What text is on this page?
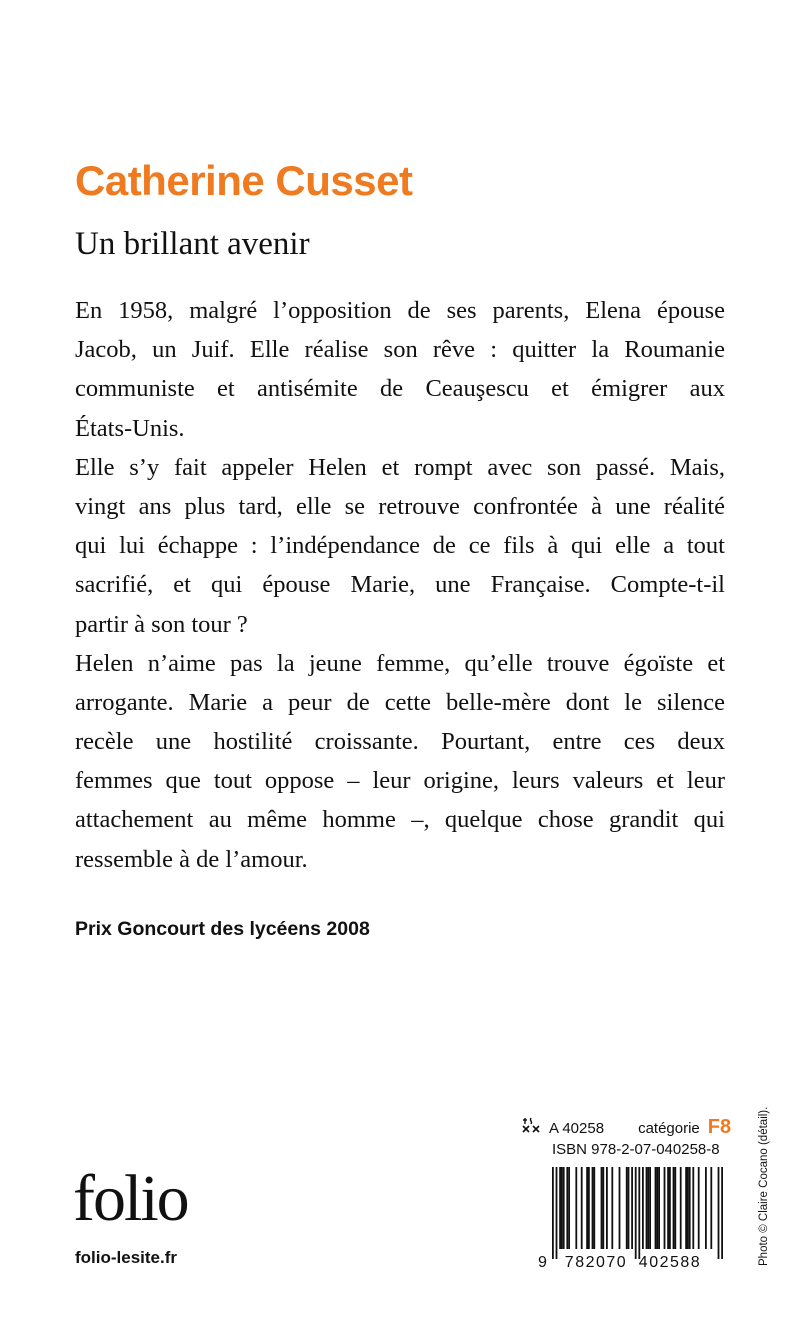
Catherine Cusset
Un brillant avenir
En 1958, malgré l’opposition de ses parents, Elena épouse
Jacob, un Juif. Elle réalise son rêve : quitter la Roumanie
communiste et antisémite de Ceauşescu et émigrer aux
États-Unis.
Elle s’y fait appeler Helen et rompt avec son passé. Mais,
vingt ans plus tard, elle se retrouve confrontée à une réalité
qui lui échappe : l’indépendance de ce fils à qui elle a tout
sacrifié, et qui épouse Marie, une Française. Compte-t-il
partir à son tour ?
Helen n’aime pas la jeune femme, qu’elle trouve égoïste et
arrogante. Marie a peur de cette belle-mère dont le silence
recèle une hostilité croissante. Pourtant, entre ces deux
femmes que tout oppose – leur origine, leurs valeurs et leur
attachement au même homme –, quelque chose grandit qui
ressemble à de l’amour.
Prix Goncourt des lycéens 2008
folio
folio-lesite.fr
A 40258 catégorie F8
ISBN 978-2-07-040258-8
9 782070 402588	Photo © Claire Cocano (détail).
